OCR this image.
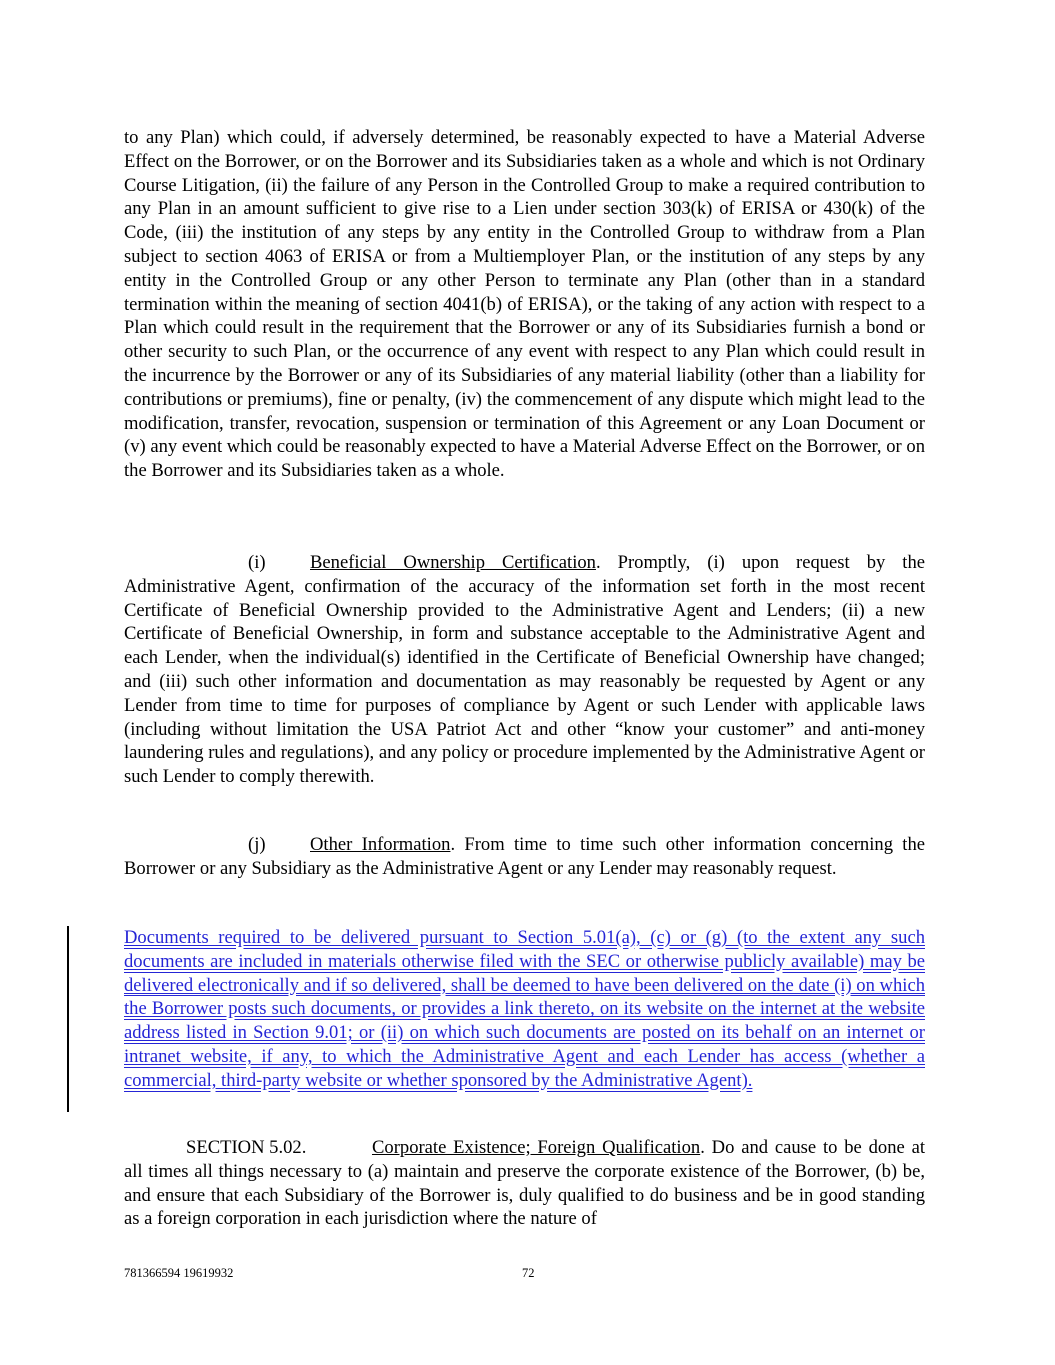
to any Plan) which could, if adversely determined, be reasonably expected to have a Material Adverse Effect on the Borrower, or on the Borrower and its Subsidiaries taken as a whole and which is not Ordinary Course Litigation, (ii) the failure of any Person in the Controlled Group to make a required contribution to any Plan in an amount sufficient to give rise to a Lien under section 303(k) of ERISA or 430(k) of the Code, (iii) the institution of any steps by any entity in the Controlled Group to withdraw from a Plan subject to section 4063 of ERISA or from a Multiemployer Plan, or the institution of any steps by any entity in the Controlled Group or any other Person to terminate any Plan (other than in a standard termination within the meaning of section 4041(b) of ERISA), or the taking of any action with respect to a Plan which could result in the requirement that the Borrower or any of its Subsidiaries furnish a bond or other security to such Plan, or the occurrence of any event with respect to any Plan which could result in the incurrence by the Borrower or any of its Subsidiaries of any material liability (other than a liability for contributions or premiums), fine or penalty, (iv) the commencement of any dispute which might lead to the modification, transfer, revocation, suspension or termination of this Agreement or any Loan Document or (v) any event which could be reasonably expected to have a Material Adverse Effect on the Borrower, or on the Borrower and its Subsidiaries taken as a whole.

(i) Beneficial Ownership Certification. Promptly, (i) upon request by the Administrative Agent, confirmation of the accuracy of the information set forth in the most recent Certificate of Beneficial Ownership provided to the Administrative Agent and Lenders; (ii) a new Certificate of Beneficial Ownership, in form and substance acceptable to the Administrative Agent and each Lender, when the individual(s) identified in the Certificate of Beneficial Ownership have changed; and (iii) such other information and documentation as may reasonably be requested by Agent or any Lender from time to time for purposes of compliance by Agent or such Lender with applicable laws (including without limitation the USA Patriot Act and other “know your customer” and anti-money laundering rules and regulations), and any policy or procedure implemented by the Administrative Agent or such Lender to comply therewith.

(j) Other Information. From time to time such other information concerning the Borrower or any Subsidiary as the Administrative Agent or any Lender may reasonably request.

Documents required to be delivered pursuant to Section 5.01(a), (c) or (g) (to the extent any such documents are included in materials otherwise filed with the SEC or otherwise publicly available) may be delivered electronically and if so delivered, shall be deemed to have been delivered on the date (i) on which the Borrower posts such documents, or provides a link thereto, on its website on the internet at the website address listed in Section 9.01; or (ii) on which such documents are posted on its behalf on an internet or intranet website, if any, to which the Administrative Agent and each Lender has access (whether a commercial, third-party website or whether sponsored by the Administrative Agent).

SECTION 5.02.	Corporate Existence; Foreign Qualification. Do and cause to be done at all times all things necessary to (a) maintain and preserve the corporate existence of the Borrower, (b) be, and ensure that each Subsidiary of the Borrower is, duly qualified to do business and be in good standing as a foreign corporation in each jurisdiction where the nature of

781366594 19619932	72
